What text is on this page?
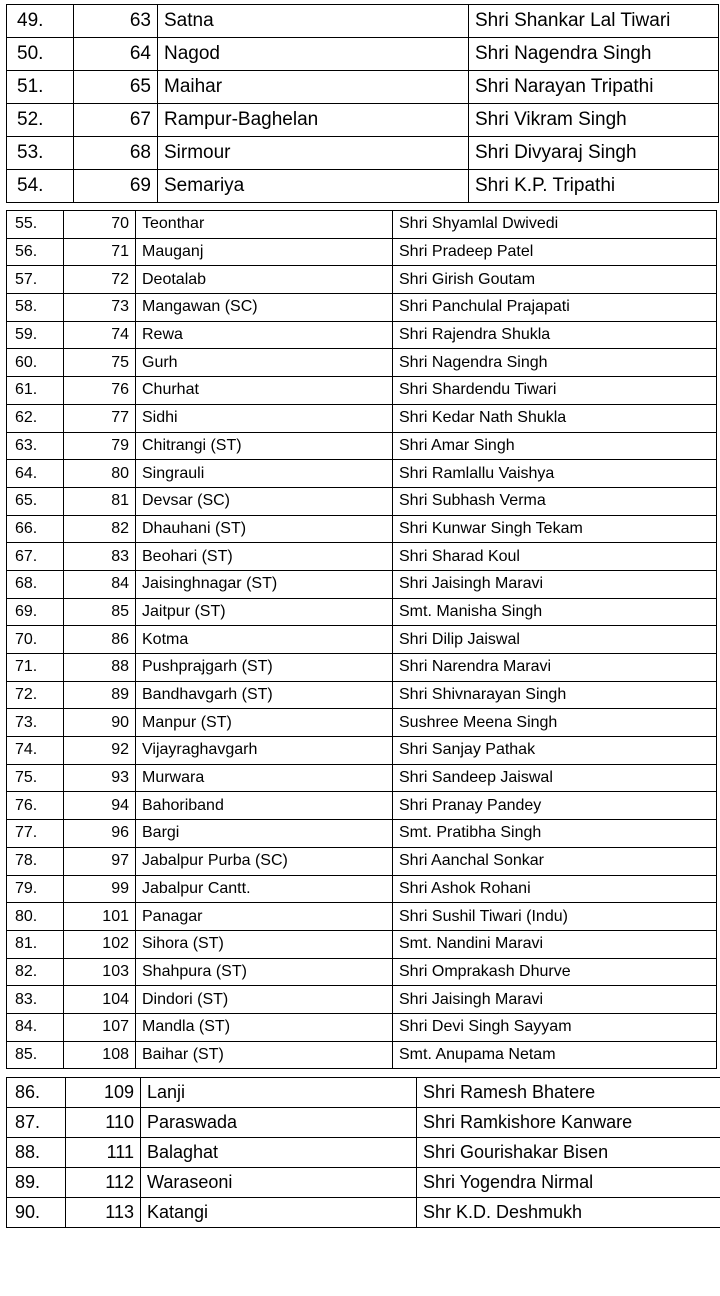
49.	63	Satna	Shri Shankar Lal Tiwari
50.	64	Nagod	Shri Nagendra Singh
51.	65	Maihar	Shri Narayan Tripathi
52.	67	Rampur-Baghelan	Shri Vikram Singh
53.	68	Sirmour	Shri Divyaraj Singh
54.	69	Semariya	Shri K.P. Tripathi
55.	70	Teonthar	Shri Shyamlal Dwivedi
56.	71	Mauganj	Shri Pradeep Patel
57.	72	Deotalab	Shri Girish Goutam
58.	73	Mangawan (SC)	Shri Panchulal Prajapati
59.	74	Rewa	Shri Rajendra Shukla
60.	75	Gurh	Shri Nagendra Singh
61.	76	Churhat	Shri Shardendu Tiwari
62.	77	Sidhi	Shri Kedar Nath Shukla
63.	79	Chitrangi (ST)	Shri Amar Singh
64.	80	Singrauli	Shri Ramlallu Vaishya
65.	81	Devsar (SC)	Shri Subhash Verma
66.	82	Dhauhani (ST)	Shri Kunwar Singh Tekam
67.	83	Beohari (ST)	Shri Sharad Koul
68.	84	Jaisinghnagar (ST)	Shri Jaisingh Maravi
69.	85	Jaitpur (ST)	Smt. Manisha Singh
70.	86	Kotma	Shri Dilip Jaiswal
71.	88	Pushprajgarh (ST)	Shri Narendra Maravi
72.	89	Bandhavgarh (ST)	Shri Shivnarayan Singh
73.	90	Manpur (ST)	Sushree Meena Singh
74.	92	Vijayraghavgarh	Shri Sanjay Pathak
75.	93	Murwara	Shri Sandeep Jaiswal
76.	94	Bahoriband	Shri Pranay Pandey
77.	96	Bargi	Smt. Pratibha Singh
78.	97	Jabalpur Purba (SC)	Shri Aanchal Sonkar
79.	99	Jabalpur Cantt.	Shri Ashok Rohani
80.	101	Panagar	Shri Sushil Tiwari (Indu)
81.	102	Sihora (ST)	Smt. Nandini Maravi
82.	103	Shahpura (ST)	Shri Omprakash Dhurve
83.	104	Dindori (ST)	Shri Jaisingh Maravi
84.	107	Mandla (ST)	Shri Devi Singh Sayyam
85.	108	Baihar (ST)	Smt. Anupama Netam
86.	109	Lanji	Shri Ramesh Bhatere
87.	110	Paraswada	Shri Ramkishore Kanware
88.	111	Balaghat	Shri Gourishakar Bisen
89.	112	Waraseoni	Shri Yogendra Nirmal
90.	113	Katangi	Shr K.D. Deshmukh
